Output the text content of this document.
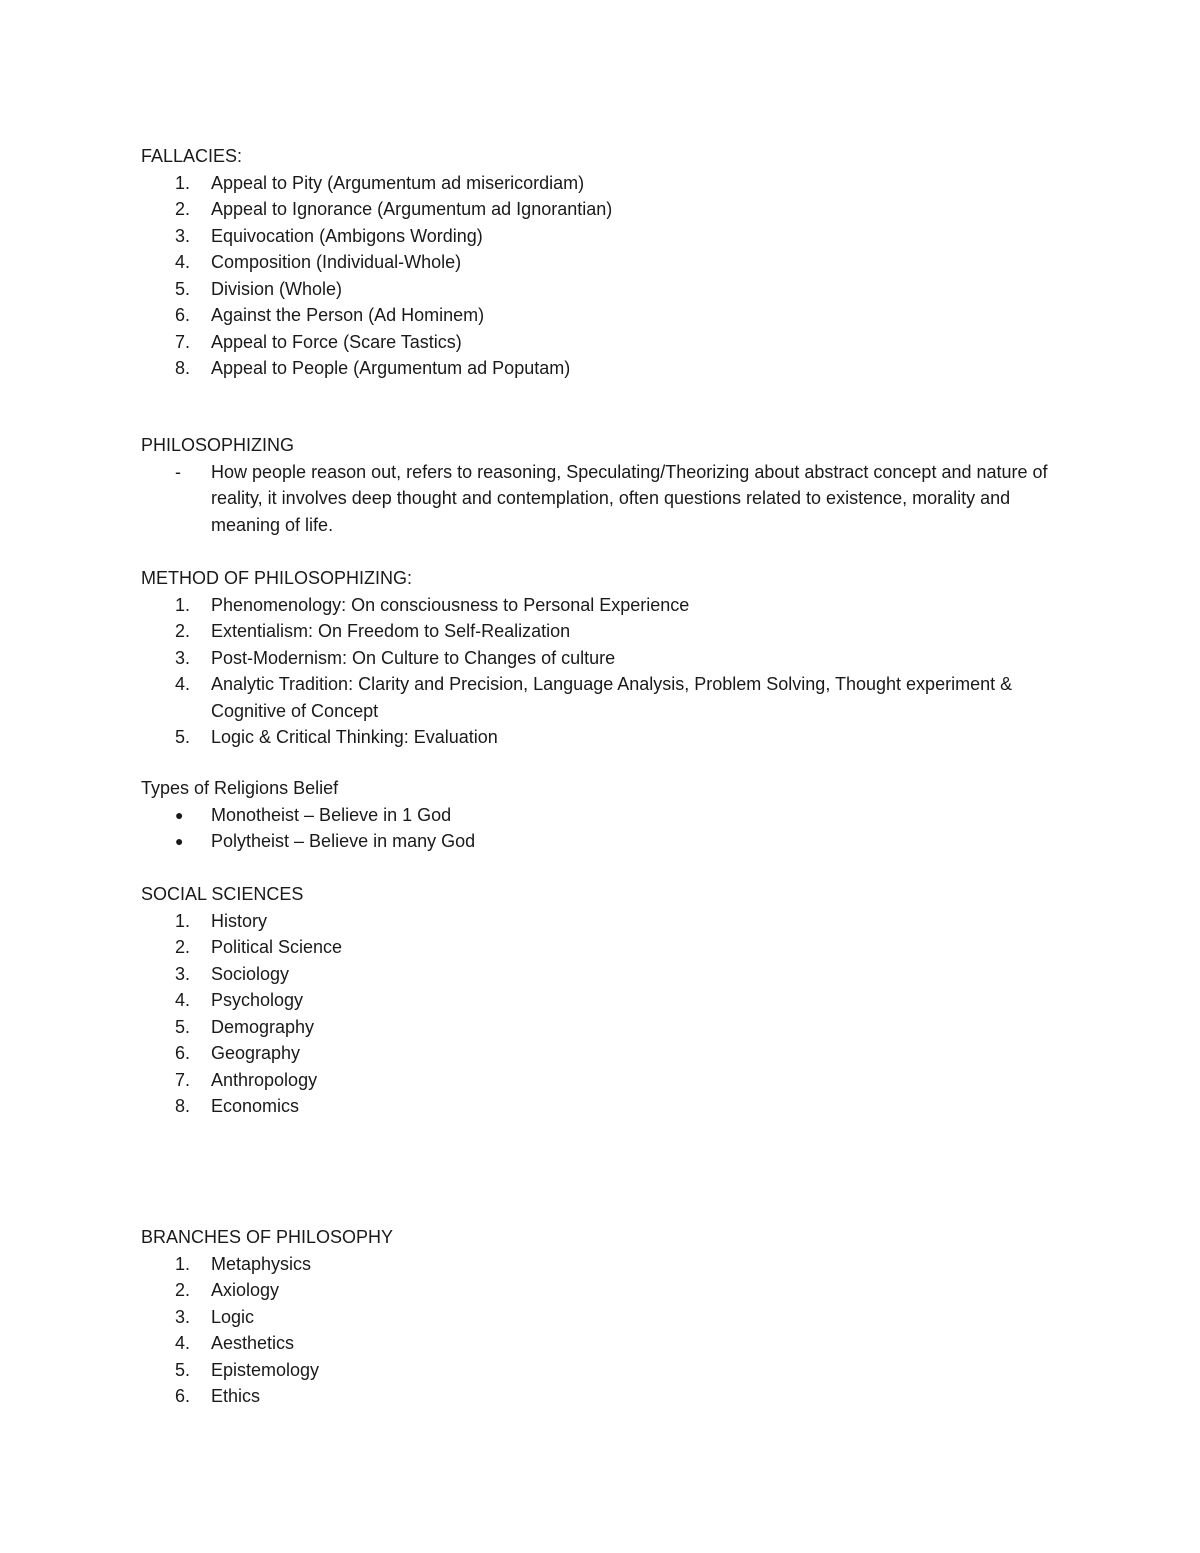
FALLACIES:
1.	Appeal to Pity (Argumentum ad misericordiam)
2.	Appeal to Ignorance (Argumentum ad Ignorantian)
3.	Equivocation (Ambigons Wording)
4.	Composition (Individual-Whole)
5.	Division (Whole)
6.	Against the Person (Ad Hominem)
7.	Appeal to Force (Scare Tastics)
8.	Appeal to People (Argumentum ad Poputam)
PHILOSOPHIZING
-	How people reason out, refers to reasoning, Speculating/Theorizing about abstract concept and nature of reality, it involves deep thought and contemplation, often questions related to existence, morality and meaning of life.
METHOD OF PHILOSOPHIZING:
1.	Phenomenology: On consciousness to Personal Experience
2.	Extentialism: On Freedom to Self-Realization
3.	Post-Modernism: On Culture to Changes of culture
4.	Analytic Tradition: Clarity and Precision, Language Analysis, Problem Solving, Thought experiment & Cognitive of Concept
5.	Logic & Critical Thinking: Evaluation
Types of Religions Belief
●	Monotheist – Believe in 1 God
●	Polytheist – Believe in many God
SOCIAL SCIENCES
1.	History
2.	Political Science
3.	Sociology
4.	Psychology
5.	Demography
6.	Geography
7.	Anthropology
8.	Economics
BRANCHES OF PHILOSOPHY
1.	Metaphysics
2.	Axiology
3.	Logic
4.	Aesthetics
5.	Epistemology
6.	Ethics
